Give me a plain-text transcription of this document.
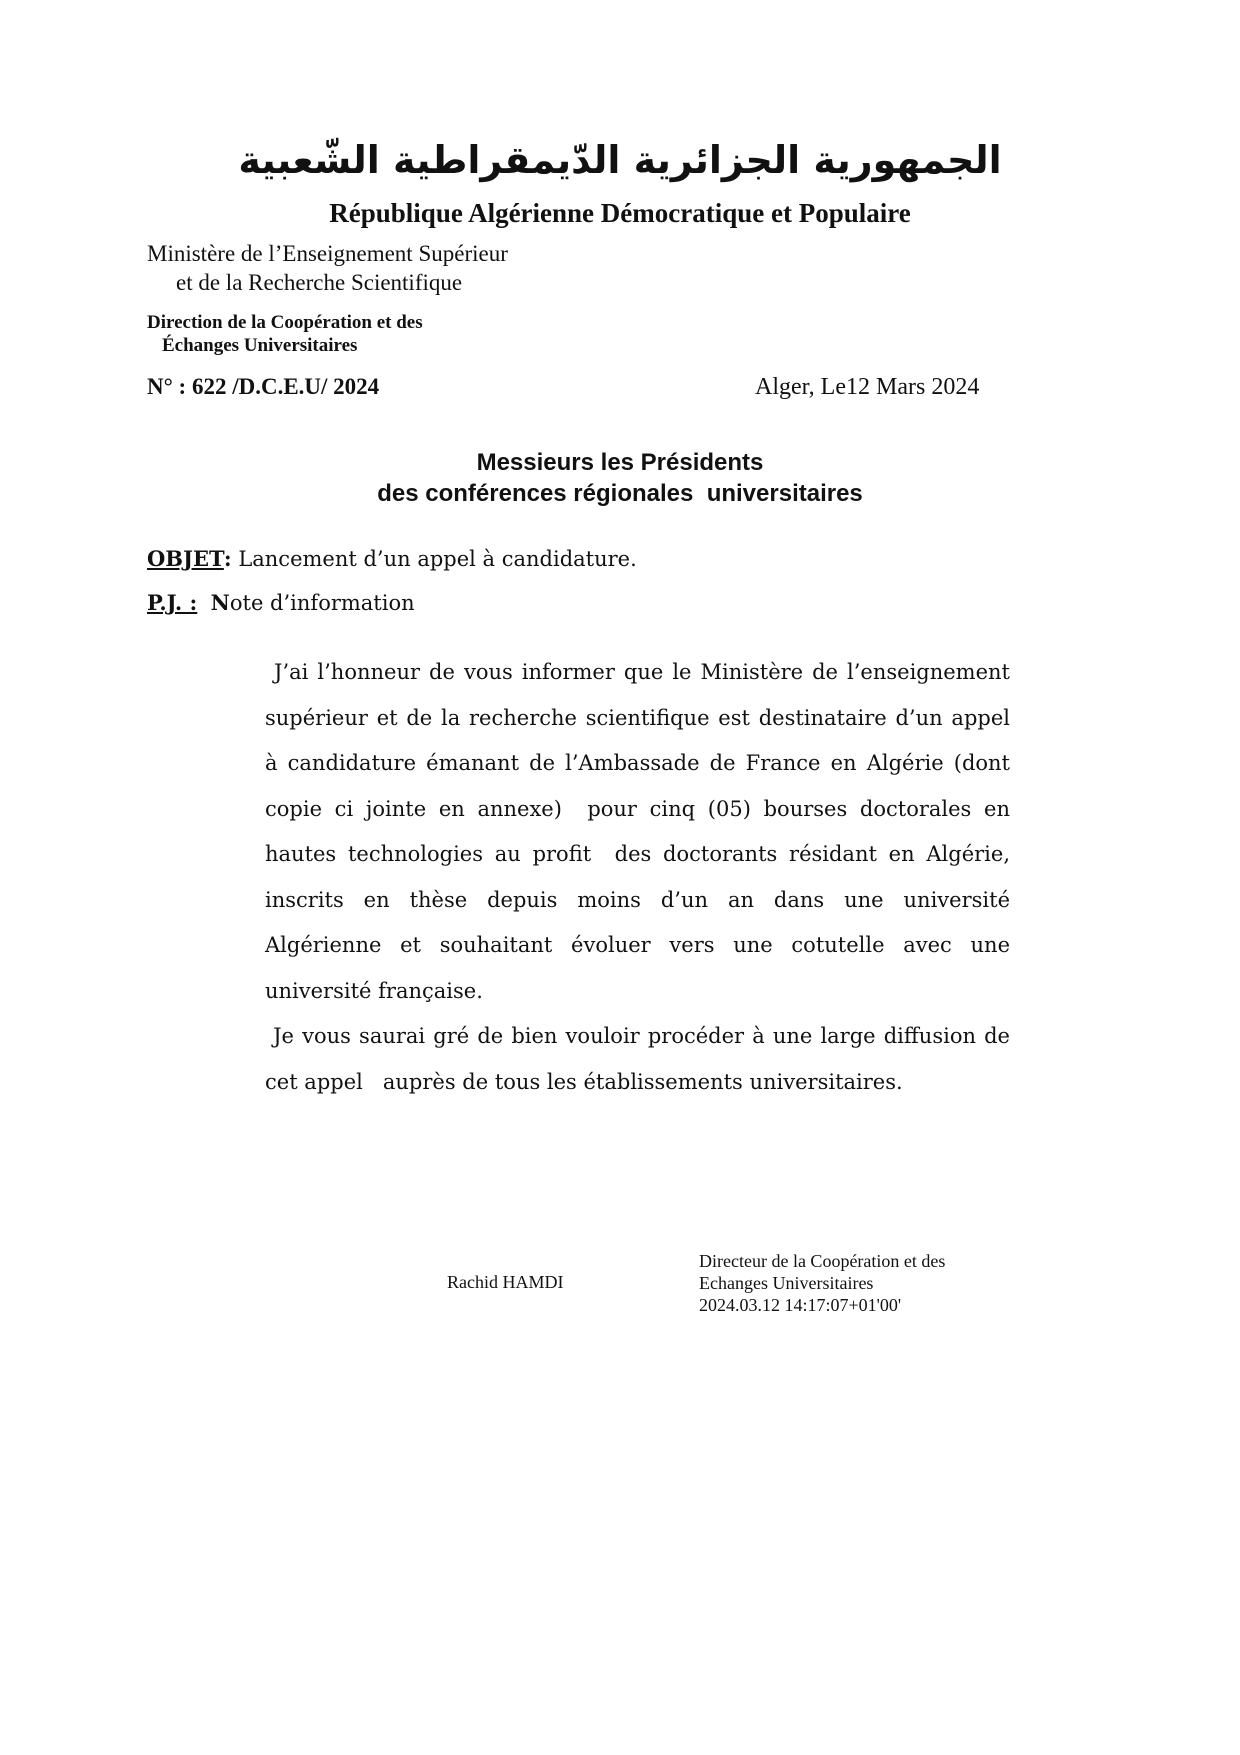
الجمهورية الجزائرية الدّيمقراطية الشّعبية
République Algérienne Démocratique et Populaire
Ministère de l’Enseignement Supérieur
et de la Recherche Scientifique
Direction de la Coopération et des
Échanges Universitaires
N° : 622 /D.C.E.U/ 2024	Alger, Le12 Mars 2024
Messieurs les Présidents
des conférences régionales  universitaires
OBJET: Lancement d’un appel à candidature.
P.J. : Note d’information

J’ai l’honneur de vous informer que le Ministère de l’enseignement supérieur et de la recherche scientifique est destinataire d’un appel à candidature émanant de l’Ambassade de France en Algérie (dont copie ci jointe en annexe)  pour cinq (05) bourses doctorales en hautes technologies au profit  des doctorants résidant en Algérie, inscrits en thèse depuis moins d’un an dans une université Algérienne et souhaitant évoluer vers une cotutelle avec une université française.

Je vous saurai gré de bien vouloir procéder à une large diffusion de cet appel   auprès de tous les établissements universitaires.

Rachid HAMDI
Directeur de la Coopération et des
Echanges Universitaires
2024.03.12 14:17:07+01'00'
